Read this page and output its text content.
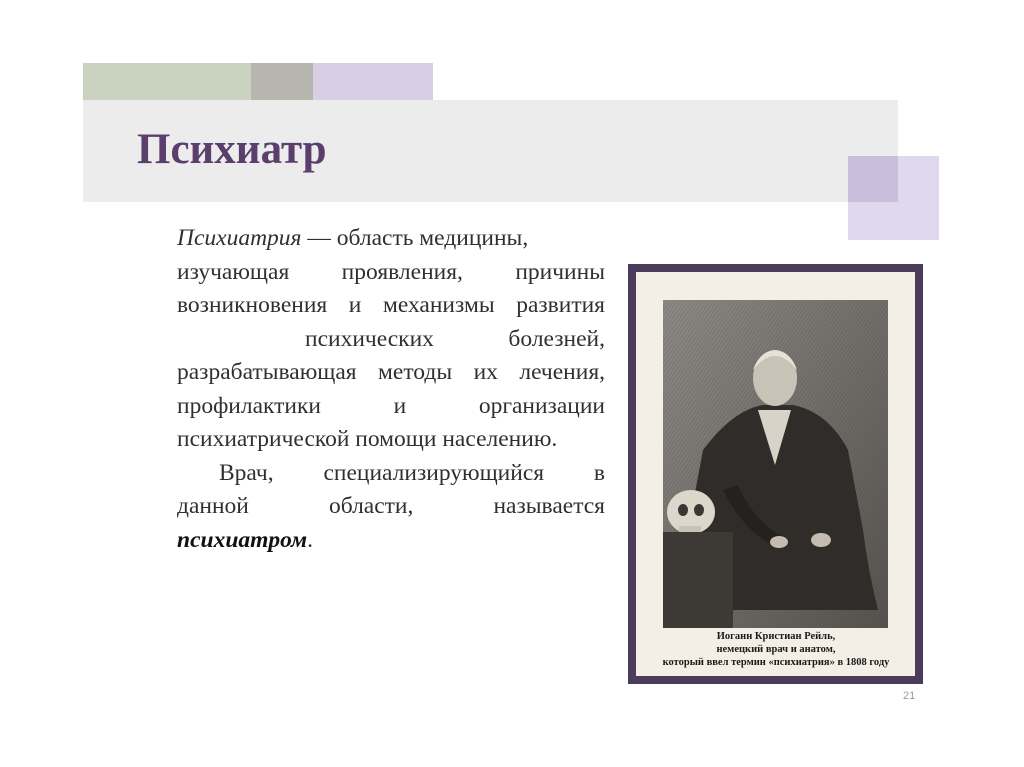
Психиатр

Психиатрия — область медицины,
изучающая проявления, причины
возникновения и механизмы развития
психических болезней,
разрабатывающая методы их лечения,
профилактики и организации
психиатрической помощи населению.

Врач, специализирующийся в
данной области, называется
психиатром.

Иоганн Кристиан Рейль,
немецкий врач и анатом,
который ввел термин «психиатрия» в 1808 году
21
